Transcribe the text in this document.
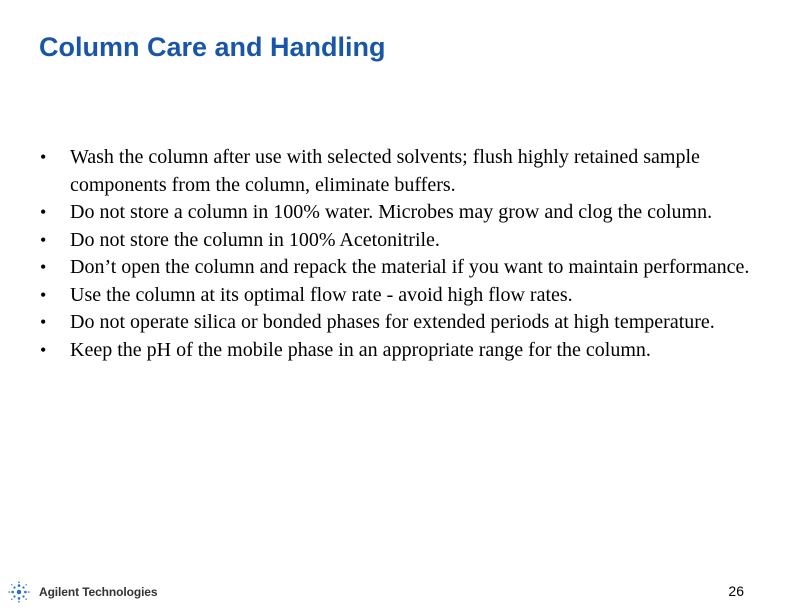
Column Care and Handling
• Wash the column after use with selected solvents; flush highly retained sample components from the column, eliminate buffers.
• Do not store a column in 100% water. Microbes may grow and clog the column.
• Do not store the column in 100% Acetonitrile.
• Don’t open the column and repack the material if you want to maintain performance.
• Use the column at its optimal flow rate - avoid high flow rates.
• Do not operate silica or bonded phases for extended periods at high temperature.
• Keep the pH of the mobile phase in an appropriate range for the column.
Agilent Technologies	26
